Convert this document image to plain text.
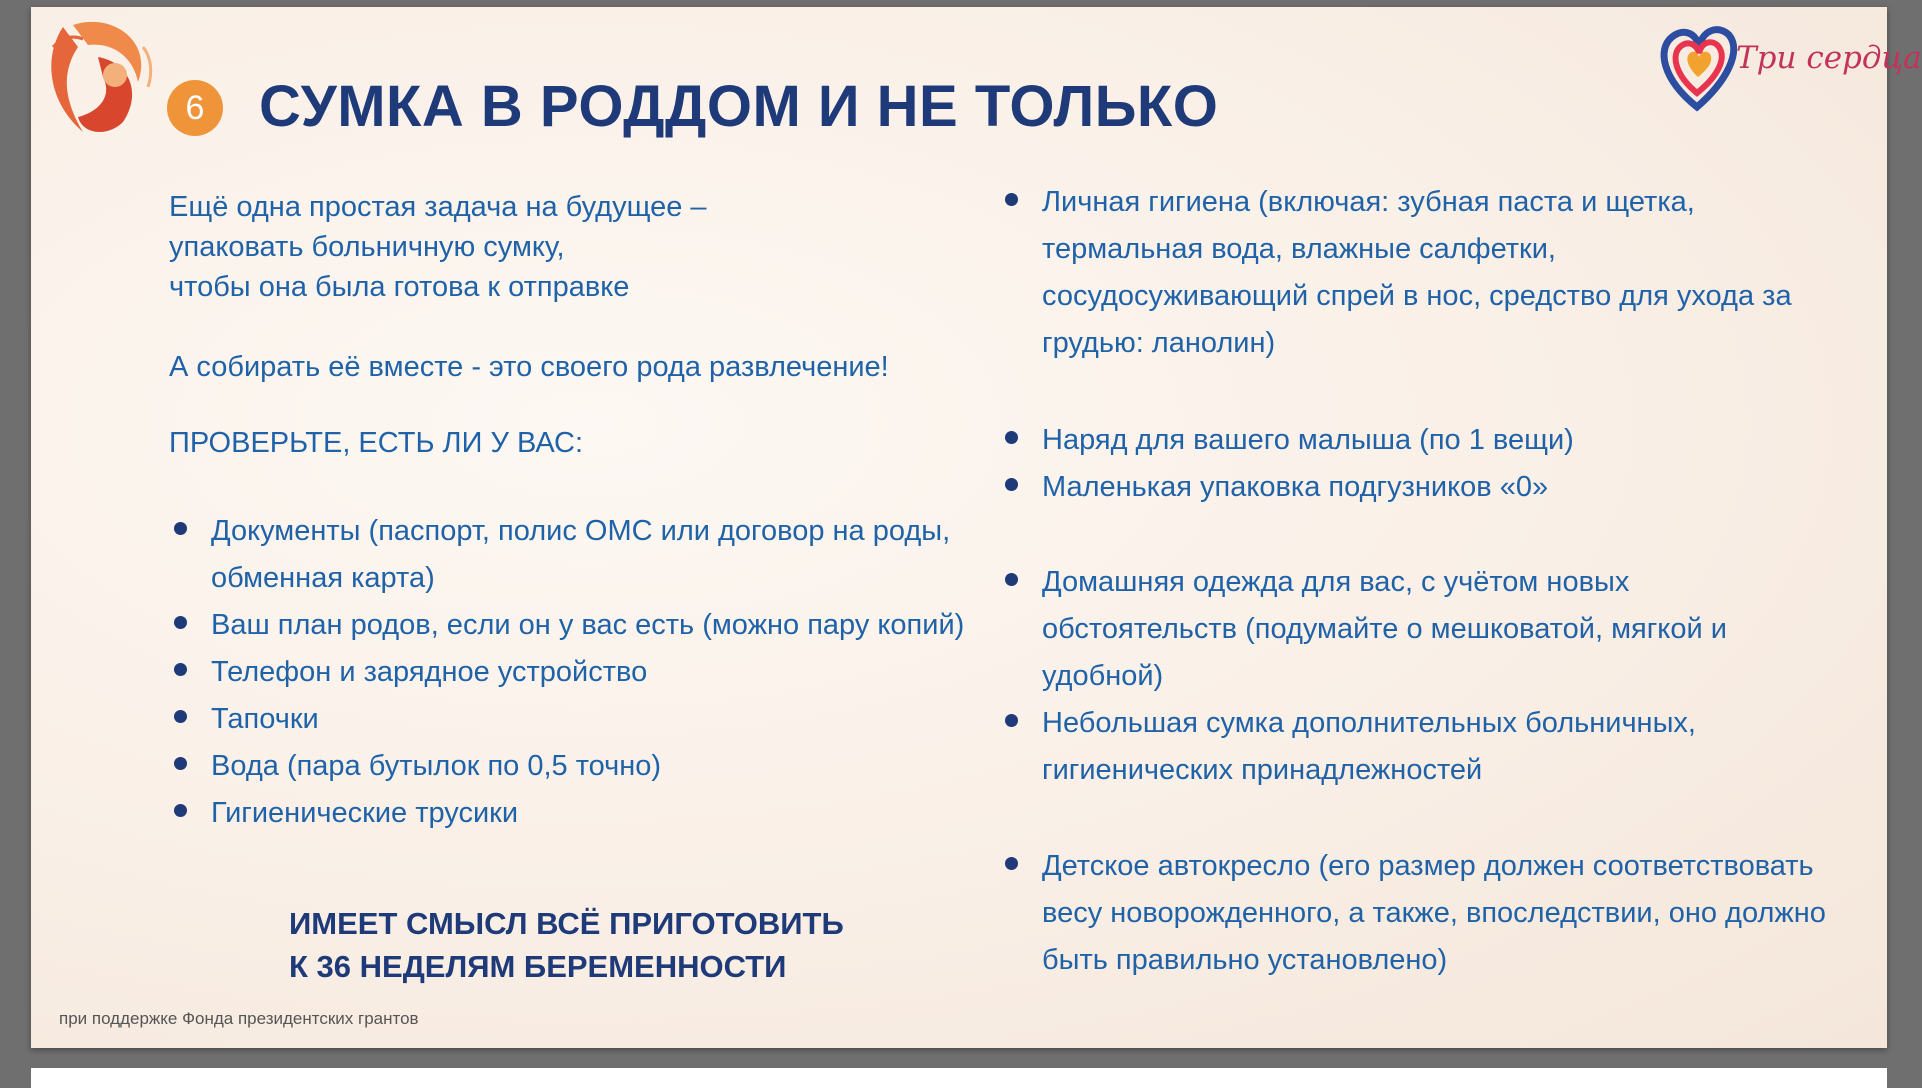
6 СУМКА В РОДДОМ И НЕ ТОЛЬКО
Три сердца

Ещё одна простая задача на будущее –

упаковать больничную сумку,

чтобы она была готова к отправке

А собирать её вместе - это своего рода развлечение!
ПРОВЕРЬТЕ, ЕСТЬ ЛИ У ВАС:
Документы (паспорт, полис ОМС или договор на роды, обменная карта)
Ваш план родов, если он у вас есть (можно пару копий)
Телефон и зарядное устройство
Тапочки
Вода (пара бутылок по 0,5 точно)
Гигиенические трусики
ИМЕЕТ СМЫСЛ ВСЁ ПРИГОТОВИТЬ
К 36 НЕДЕЛЯМ БЕРЕМЕННОСТИ
Личная гигиена (включая: зубная паста и щетка, термальная вода, влажные салфетки, сосудосуживающий спрей в нос, средство для ухода за грудью: ланолин)
Наряд для вашего малыша (по 1 вещи)
Маленькая упаковка подгузников «0»
Домашняя одежда для вас, с учётом новых обстоятельств (подумайте о мешковатой, мягкой и удобной)
Небольшая сумка дополнительных больничных, гигиенических принадлежностей
Детское автокресло (его размер должен соответствовать весу новорожденного, а также, впоследствии, оно должно быть правильно установлено)
при поддержке Фонда президентских грантов
